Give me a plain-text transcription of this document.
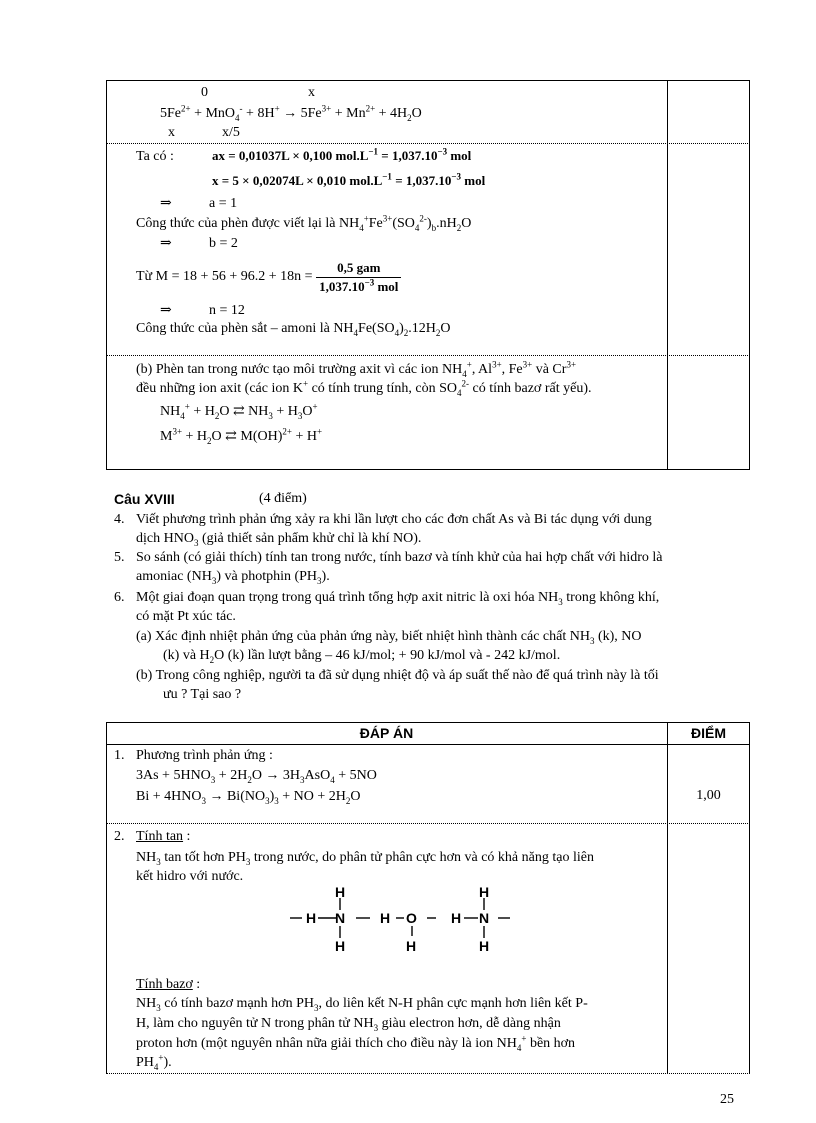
0	x
$5Fe^{2+} + MnO_4^- + 8H^+ \to 5Fe^{3+} + Mn^{2+} + 4H_2O$
x	x/5
Ta có :	ax = 0,01037L × 0,100 $mol.L^{-1} = 1,037.10^{-3}$ mol
x = 5 × 0,02074L × 0,010 $mol.L^{-1} = 1,037.10^{-3}$ mol
⇒	a = 1
Công thức của phèn được viết lại là $NH_4^+Fe^{3+}(SO_4^{2-})_b.nH_2O$
⇒	b = 2
Từ $M = 18 + 56 + 96.2 + 18n = \frac{\text{0,5 gam}}{1,037.10^{-3} mol}$
⇒	n = 12
Công thức của phèn sắt – amoni là $NH_4Fe(SO_4)_2.12H_2O$
(b) Phèn tan trong nước tạo môi trường axit vì các ion $NH_4^+$, $Al^{3+}$, $Fe^{3+}$ và $Cr^{3+}$
đều những ion axit (các ion K+ có tính trung tính, còn $SO_4^{2-}$ có tính bazơ rất yếu).
$NH_4^+ + H_2O$ ⇄ $NH_3 + H_3O^+$
$M^{3+} + H_2O$ ⇄ M(OH)$^{2+}$ + H+
Câu XVIII	(4 điểm)
4. Viết phương trình phản ứng xảy ra khi lần lượt cho các đơn chất As và Bi tác dụng với dung
dịch $HNO_3$ (giả thiết sản phẩm khử chỉ là khí NO).
5. So sánh (có giải thích) tính tan trong nước, tính bazơ và tính khử của hai hợp chất với hidro là
amoniac $(NH_3)$ và photphin $(PH_3)$.
6. Một giai đoạn quan trọng trong quá trình tổng hợp axit nitric là oxi hóa $NH_3$ trong không khí,
có mặt Pt xúc tác.
(a) Xác định nhiệt phản ứng của phản ứng này, biết nhiệt hình thành các chất $NH_3$ (k), NO
(k) và $H_2O$ (k) lần lượt bằng – 46 kJ/mol; + 90 kJ/mol và - 242 kJ/mol.
(b) Trong công nghiệp, người ta đã sử dụng nhiệt độ và áp suất thế nào để quá trình này là tối
ưu ? Tại sao ?
ĐÁP ÁN	ĐIỂM
1. Phương trình phản ứng :
$3As + 5HNO_3 + 2H_2O \to 3H_3AsO_4 + 5NO$
$Bi + 4HNO_3 \to Bi(NO_3)_3$ + NO + $2H_2O$	1,00
2. Tính tan :
$NH_3$ tan tốt hơn $PH_3$ trong nước, do phân tử phân cực hơn và có khả năng tạo liên
kết hidro với nước.
H	H
H N	O
H	N
H
H	H	H
Tính bazơ :
$NH_3$ có tính bazơ mạnh hơn $PH_3$, do liên kết N-H phân cực mạnh hơn liên kết P-
H, làm cho nguyên tử N trong phân tử $NH_3$ giàu electron hơn, dễ dàng nhận
proton hơn (một nguyên nhân nữa giải thích cho điều này là ion $NH_4^+$ bền hơn
$PH_4^+$).
25
